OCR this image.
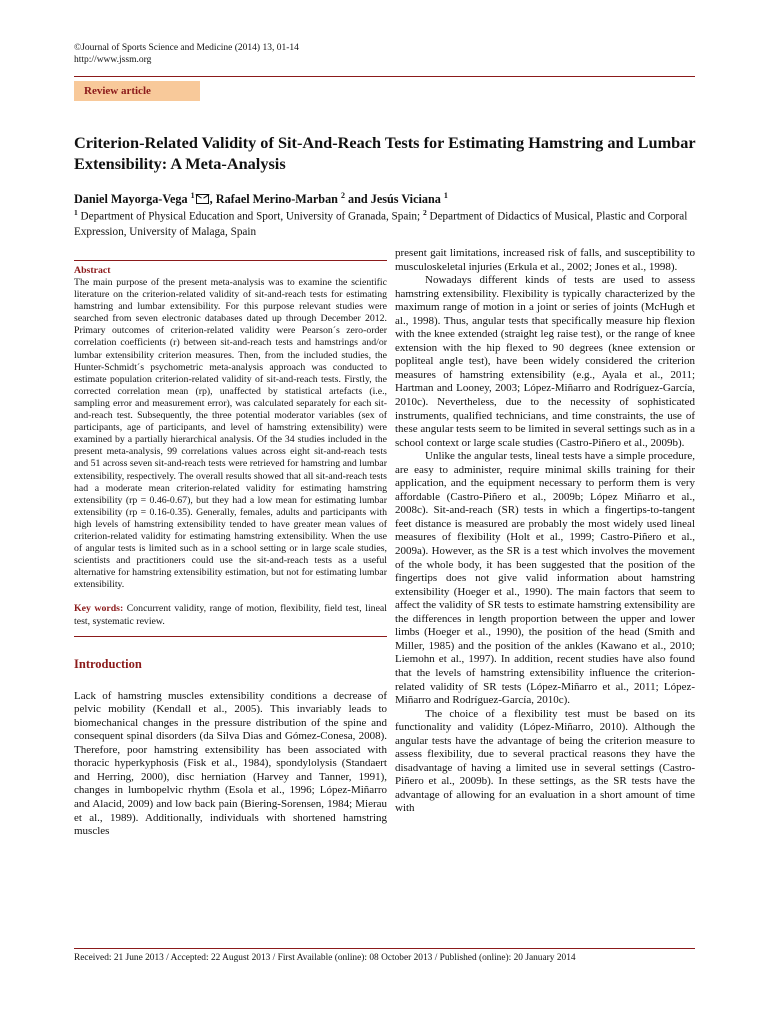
©Journal of Sports Science and Medicine (2014) 13, 01-14
http://www.jssm.org
Review article
Criterion-Related Validity of Sit-And-Reach Tests for Estimating Hamstring and Lumbar Extensibility: A Meta-Analysis
Daniel Mayorga-Vega $^1$ , Rafael Merino-Marban $^2$ and Jesús Viciana $^1$
$^1$ Department of Physical Education and Sport, University of Granada, Spain; $^2$ Department of Didactics of Musical, Plastic and Corporal Expression, University of Malaga, Spain
Abstract

The main purpose of the present meta-analysis was to examine the scientific literature on the criterion-related validity of sit-and-reach tests for estimating hamstring and lumbar extensibility. For this purpose relevant studies were searched from seven electronic databases dated up through December 2012. Primary outcomes of criterion-related validity were Pearson´s zero-order correlation coefficients (r) between sit-and-reach tests and hamstrings and/or lumbar extensibility criterion measures. Then, from the included studies, the Hunter-Schmidt´s psychometric meta-analysis approach was conducted to estimate population criterion-related validity of sit-and-reach tests. Firstly, the corrected correlation mean (rp), unaffected by statistical artefacts (i.e., sampling error and measurement error), was calculated separately for each sit-and-reach test. Subsequently, the three potential moderator variables (sex of participants, age of participants, and level of hamstring extensibility) were examined by a partially hierarchical analysis. Of the 34 studies included in the present meta-analysis, 99 correlations values across eight sit-and-reach tests and 51 across seven sit-and-reach tests were retrieved for hamstring and lumbar extensibility, respectively. The overall results showed that all sit-and-reach tests had a moderate mean criterion-related validity for estimating hamstring extensibility (rp = 0.46-0.67), but they had a low mean for estimating lumbar extensibility (rp = 0.16-0.35). Generally, females, adults and participants with high levels of hamstring extensibility tended to have greater mean values of criterion-related validity for estimating hamstring extensibility. When the use of angular tests is limited such as in a school setting or in large scale studies, scientists and practitioners could use the sit-and-reach tests as a useful alternative for hamstring extensibility estimation, but not for estimating lumbar extensibility.

Key words: Concurrent validity, range of motion, flexibility, field test, lineal test, systematic review.
Introduction

Lack of hamstring muscles extensibility conditions a decrease of pelvic mobility (Kendall et al., 2005). This invariably leads to biomechanical changes in the pressure distribution of the spine and consequent spinal disorders (da Silva Dias and Gómez-Conesa, 2008). Therefore, poor hamstring extensibility has been associated with thoracic hyperkyphosis (Fisk et al., 1984), spondylolysis (Standaert and Herring, 2000), disc herniation (Harvey and Tanner, 1991), changes in lumbopelvic rhythm (Esola et al., 1996; López-Miñarro and Alacid, 2009) and low back pain (Biering-Sorensen, 1984; Mierau et al., 1989). Additionally, individuals with shortened hamstring muscles

present gait limitations, increased risk of falls, and susceptibility to musculoskeletal injuries (Erkula et al., 2002; Jones et al., 1998).

Nowadays different kinds of tests are used to assess hamstring extensibility. Flexibility is typically characterized by the maximum range of motion in a joint or series of joints (McHugh et al., 1998). Thus, angular tests that specifically measure hip flexion with the knee extended (straight leg raise test), or the range of knee extension with the hip flexed to 90 degrees (knee extension or popliteal angle test), have been widely considered the criterion measures of hamstring extensibility (e.g., Ayala et al., 2011; Hartman and Looney, 2003; López-Miñarro and Rodríguez-García, 2010c). Nevertheless, due to the necessity of sophisticated instruments, qualified technicians, and time constraints, the use of these angular tests seem to be limited in several settings such as in a school context or large scale studies (Castro-Piñero et al., 2009b).

Unlike the angular tests, lineal tests have a simple procedure, are easy to administer, require minimal skills training for their application, and the equipment necessary to perform them is very affordable (Castro-Piñero et al., 2009b; López Miñarro et al., 2008c). Sit-and-reach (SR) tests in which a fingertips-to-tangent feet distance is measured are probably the most widely used lineal measures of flexibility (Holt et al., 1999; Castro-Piñero et al., 2009a). However, as the SR is a test which involves the movement of the whole body, it has been suggested that the position of the fingertips does not give valid information about hamstring extensibility (Hoeger et al., 1990). The main factors that seem to affect the validity of SR tests to estimate hamstring extensibility are the differences in length proportion between the upper and lower limbs (Hoeger et al., 1990), the position of the head (Smith and Miller, 1985) and the position of the ankles (Kawano et al., 2010; Liemohn et al., 1997). In addition, recent studies have also found that the levels of hamstring extensibility influence the criterion-related validity of SR tests (López-Miñarro et al., 2011; López-Miñarro and Rodríguez-García, 2010c).

The choice of a flexibility test must be based on its functionality and validity (López-Miñarro, 2010). Although the angular tests have the advantage of being the criterion measure to assess flexibility, due to several practical reasons they have the disadvantage of having a limited use in several settings (Castro-Piñero et al., 2009b). In these settings, as the SR tests have the advantage of allowing for an evaluation in a short amount of time with

Received: 21 June 2013 / Accepted: 22 August 2013 / First Available (online): 08 October 2013 / Published (online): 20 January 2014
